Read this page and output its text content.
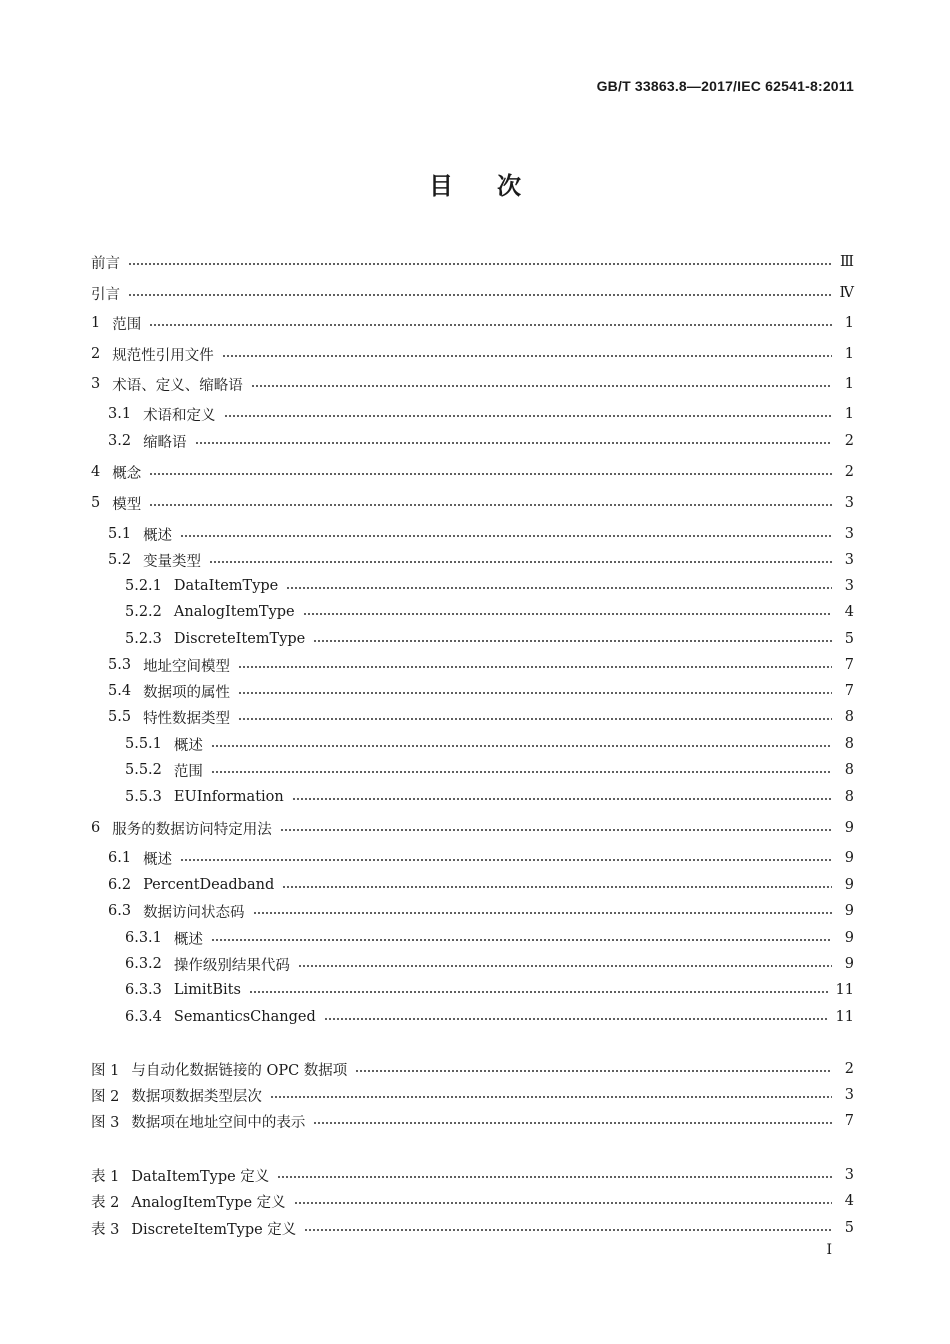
GB/T 33863.8—2017/IEC 62541-8:2011
目次
前言	Ⅲ
引言	Ⅳ
1 范围	1
2 规范性引用文件	1
3 术语、定义、缩略语	1
3.1 术语和定义	1
3.2 缩略语	2
4 概念	2
5 模型	3
5.1 概述	3
5.2 变量类型	3
5.2.1 DataItemType	3
5.2.2 AnalogItemType	4
5.2.3 DiscreteItemType	5
5.3 地址空间模型	7
5.4 数据项的属性	7
5.5 特性数据类型	8
5.5.1 概述	8
5.5.2 范围	8
5.5.3 EUInformation	8
6 服务的数据访问特定用法	9
6.1 概述	9
6.2 PercentDeadband	9
6.3 数据访问状态码	9
6.3.1 概述	9
6.3.2 操作级别结果代码	9
6.3.3 LimitBits	11
6.3.4 SemanticsChanged	11
图 1 与自动化数据链接的 OPC 数据项	2
图 2 数据项数据类型层次	3
图 3 数据项在地址空间中的表示	7
表 1 DataItemType 定义	3
表 2 AnalogItemType 定义	4
表 3 DiscreteItemType 定义	5
I
